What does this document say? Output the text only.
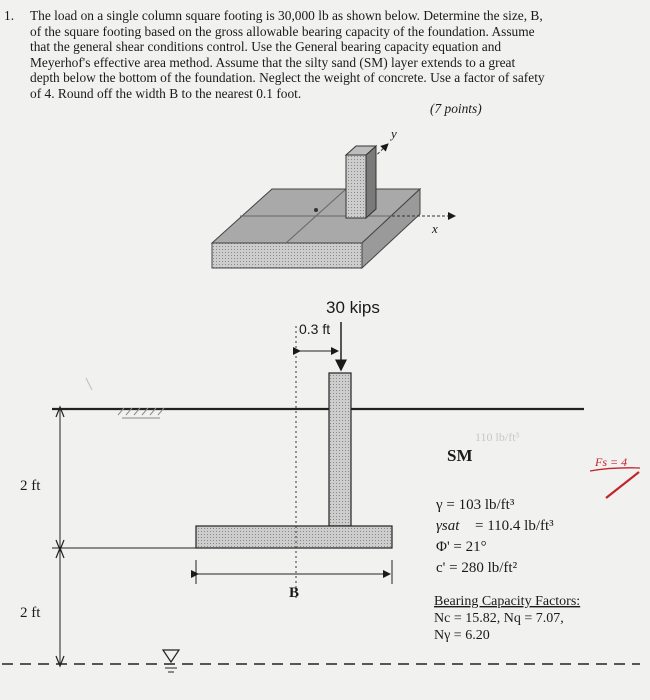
1. The load on a single column square footing is 30,000 lb as shown below. Determine the size, B,
of the square footing based on the gross allowable bearing capacity of the foundation. Assume
that the general shear conditions control. Use the General bearing capacity equation and
Meyerhof's effective area method. Assume that the silty sand (SM) layer extends to a great
depth below the bottom of the foundation. Neglect the weight of concrete. Use a factor of safety
of 4. Round off the width B to the nearest 0.1 foot.
(7 points)
y
x
30 kips
0.3 ft
2 ft
2 ft
B
110 lb/ft³
SM
γ = 103 lb/ft³
γsat = 110.4 lb/ft³
Φ' = 21°
c' = 280 lb/ft²
Bearing Capacity Factors:
Nc = 15.82, Nq = 7.07,
Nγ = 6.20
Fs = 4
